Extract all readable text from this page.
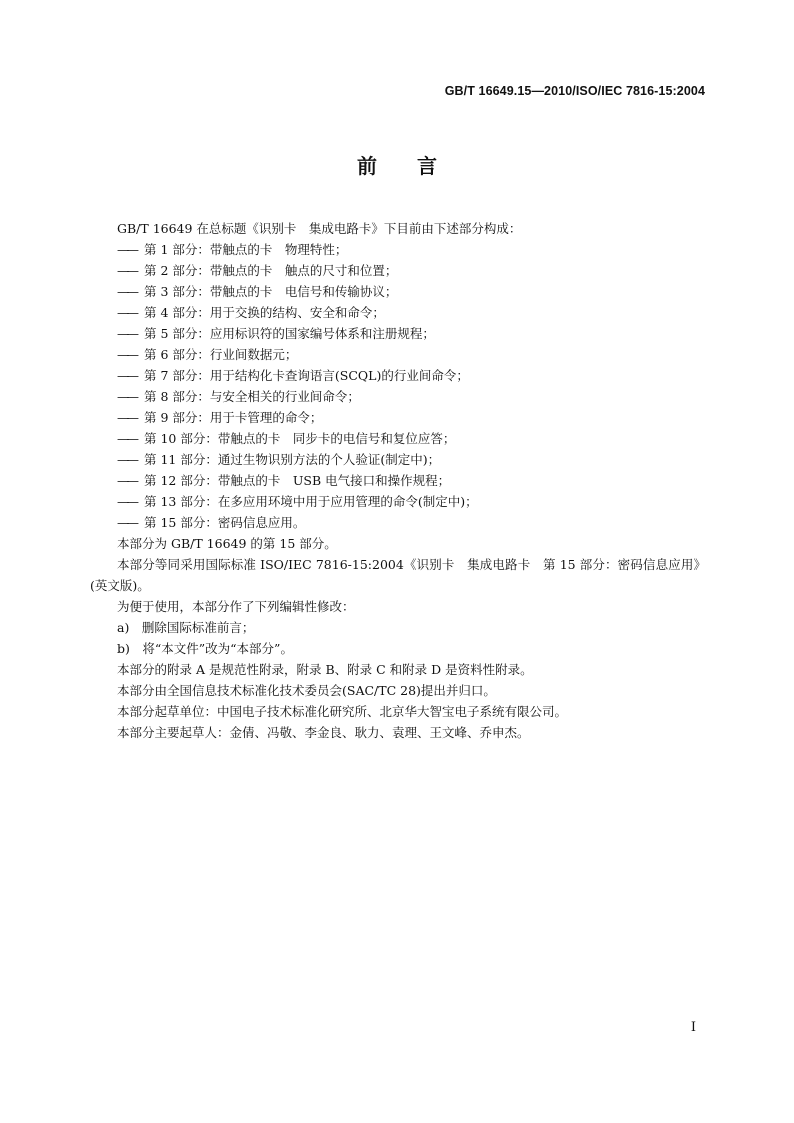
GB/T 16649.15—2010/ISO/IEC 7816-15:2004
前言

GB/T 16649 在总标题《识别卡　集成电路卡》下目前由下述部分构成：

—— 第 1 部分：带触点的卡　物理特性；

—— 第 2 部分：带触点的卡　触点的尺寸和位置；

—— 第 3 部分：带触点的卡　电信号和传输协议；

—— 第 4 部分：用于交换的结构、安全和命令；

—— 第 5 部分：应用标识符的国家编号体系和注册规程；

—— 第 6 部分：行业间数据元；

—— 第 7 部分：用于结构化卡查询语言(SCQL)的行业间命令；

—— 第 8 部分：与安全相关的行业间命令；

—— 第 9 部分：用于卡管理的命令；

—— 第 10 部分：带触点的卡　同步卡的电信号和复位应答；

—— 第 11 部分：通过生物识别方法的个人验证(制定中)；

—— 第 12 部分：带触点的卡　USB 电气接口和操作规程；

—— 第 13 部分：在多应用环境中用于应用管理的命令(制定中)；

—— 第 15 部分：密码信息应用。

本部分为 GB/T 16649 的第 15 部分。

本部分等同采用国际标准 ISO/IEC 7816-15:2004《识别卡　集成电路卡　第 15 部分：密码信息应用》(英文版)。

为便于使用，本部分作了下列编辑性修改：

a)　删除国际标准前言；

b)　将“本文件”改为“本部分”。

本部分的附录 A 是规范性附录，附录 B、附录 C 和附录 D 是资料性附录。

本部分由全国信息技术标准化技术委员会(SAC/TC 28)提出并归口。

本部分起草单位：中国电子技术标准化研究所、北京华大智宝电子系统有限公司。

本部分主要起草人：金倩、冯敬、李金良、耿力、袁理、王文峰、乔申杰。

I
